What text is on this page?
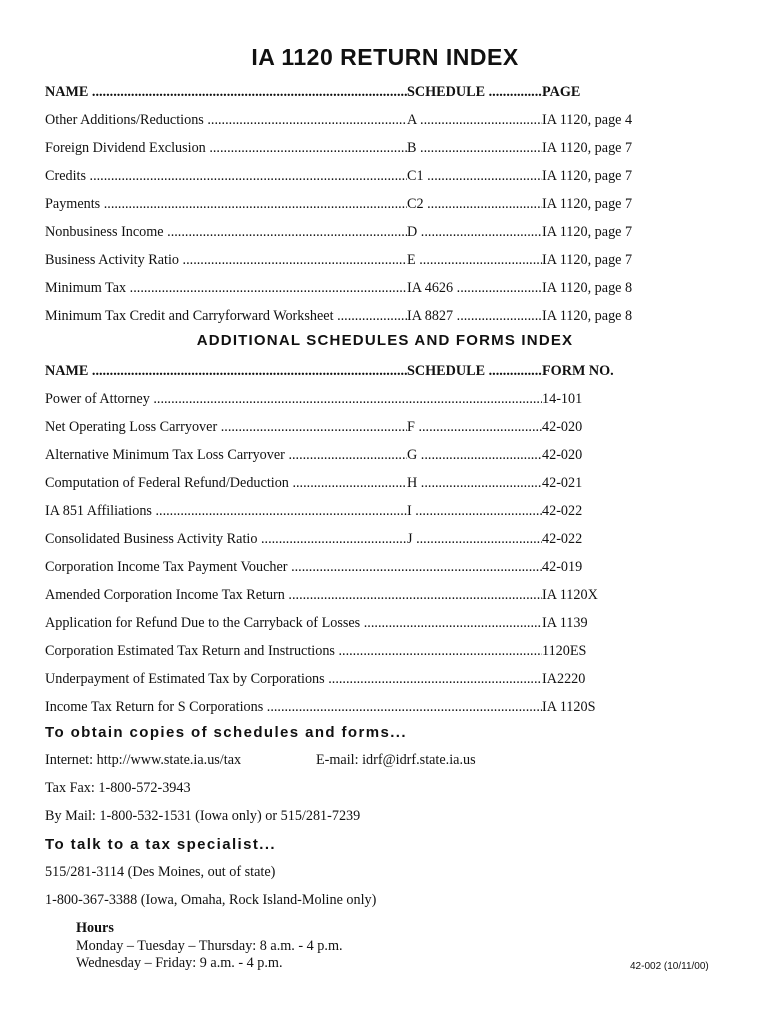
IA 1120 RETURN INDEX
NAME .....	SCHEDULE .....	PAGE
Other Additions/Reductions .....	A .....	IA 1120, page 4
Foreign Dividend Exclusion .....	B .....	IA 1120, page 7
Credits .....	C1 .....	IA 1120, page 7
Payments .....	C2 .....	IA 1120, page 7
Nonbusiness Income .....	D .....	IA 1120, page 7
Business Activity Ratio .....	E .....	IA 1120, page 7
Minimum Tax .....	IA 4626 .....	IA 1120, page 8
Minimum Tax Credit and Carryforward Worksheet .....	IA 8827 .....	IA 1120, page 8
ADDITIONAL SCHEDULES AND FORMS INDEX
NAME .....	SCHEDULE .....	FORM NO.
Power of Attorney .....	14-101
Net Operating Loss Carryover .....	F .....	42-020
Alternative Minimum Tax Loss Carryover .....	G .....	42-020
Computation of Federal Refund/Deduction .....	H .....	42-021
IA 851 Affiliations .....	I .....	42-022
Consolidated Business Activity Ratio .....	J .....	42-022
Corporation Income Tax Payment Voucher .....	42-019
Amended Corporation Income Tax Return .....	IA 1120X
Application for Refund Due to the Carryback of Losses .....	IA 1139
Corporation Estimated Tax Return and Instructions .....	1120ES
Underpayment of Estimated Tax by Corporations .....	IA2220
Income Tax Return for S Corporations .....	IA 1120S
To obtain copies of schedules and forms...
Internet: http://www.state.ia.us/tax	E-mail: idrf@idrf.state.ia.us
Tax Fax: 1-800-572-3943
By Mail: 1-800-532-1531 (Iowa only) or 515/281-7239
To talk to a tax specialist...
515/281-3114 (Des Moines, out of state)
1-800-367-3388 (Iowa, Omaha, Rock Island-Moline only)
Hours
Monday – Tuesday – Thursday: 8 a.m. - 4 p.m.
Wednesday – Friday: 9 a.m. - 4 p.m.	42-002 (10/11/00)
